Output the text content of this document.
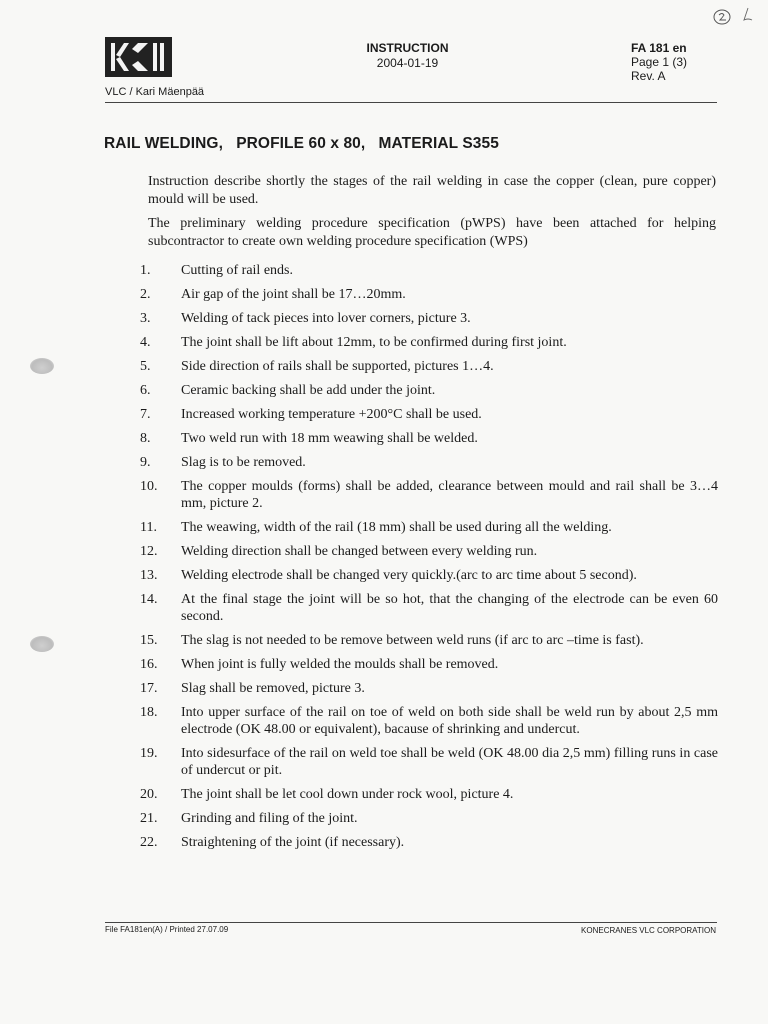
VLC / Kari Mäenpää
INSTRUCTION
2004-01-19
FA 181 en
Page 1 (3)
Rev. A
RAIL WELDING,   PROFILE 60 x 80,   MATERIAL S355
Instruction describe shortly the stages of the rail welding in case the copper (clean, pure copper) mould will be used.
The preliminary welding procedure specification (pWPS) have been attached for helping subcontractor to create own welding procedure specification (WPS)
1.	Cutting of rail ends.
2.	Air gap of the joint shall be 17…20mm.
3.	Welding of tack pieces into lover corners, picture 3.
4.	The joint shall be lift about 12mm, to be confirmed during first joint.
5.	Side direction of rails shall be supported, pictures 1…4.
6.	Ceramic backing shall be add under the joint.
7.	Increased working temperature +200°C shall be used.
8.	Two weld run with 18 mm weawing shall be welded.
9.	Slag is to be removed.
10.	The copper moulds (forms) shall be added, clearance between mould and rail shall be 3…4 mm, picture 2.
11.	The weawing, width of the rail (18 mm) shall be used during all the welding.
12.	Welding direction shall be changed between every welding run.
13.	Welding electrode shall be changed very quickly.(arc to arc time about 5 second).
14.	At the final stage the joint will be so hot, that the changing of the electrode can be even 60 second.
15.	The slag is not needed to be remove between weld runs (if arc to arc –time is fast).
16.	When joint is fully welded the moulds shall be removed.
17.	Slag shall be removed, picture 3.
18.	Into upper surface of the rail on toe of weld on both side shall be weld run by about 2,5 mm electrode (OK 48.00 or equivalent), bacause of shrinking and undercut.
19.	Into sidesurface of the rail on weld toe shall be weld (OK 48.00 dia 2,5 mm) filling runs in case of undercut or pit.
20.	The joint shall be let cool down under rock wool, picture 4.
21.	Grinding and filing of the joint.
22.	Straightening of the joint (if necessary).
File FA181en(A) / Printed 27.07.09	KONECRANES VLC CORPORATION
